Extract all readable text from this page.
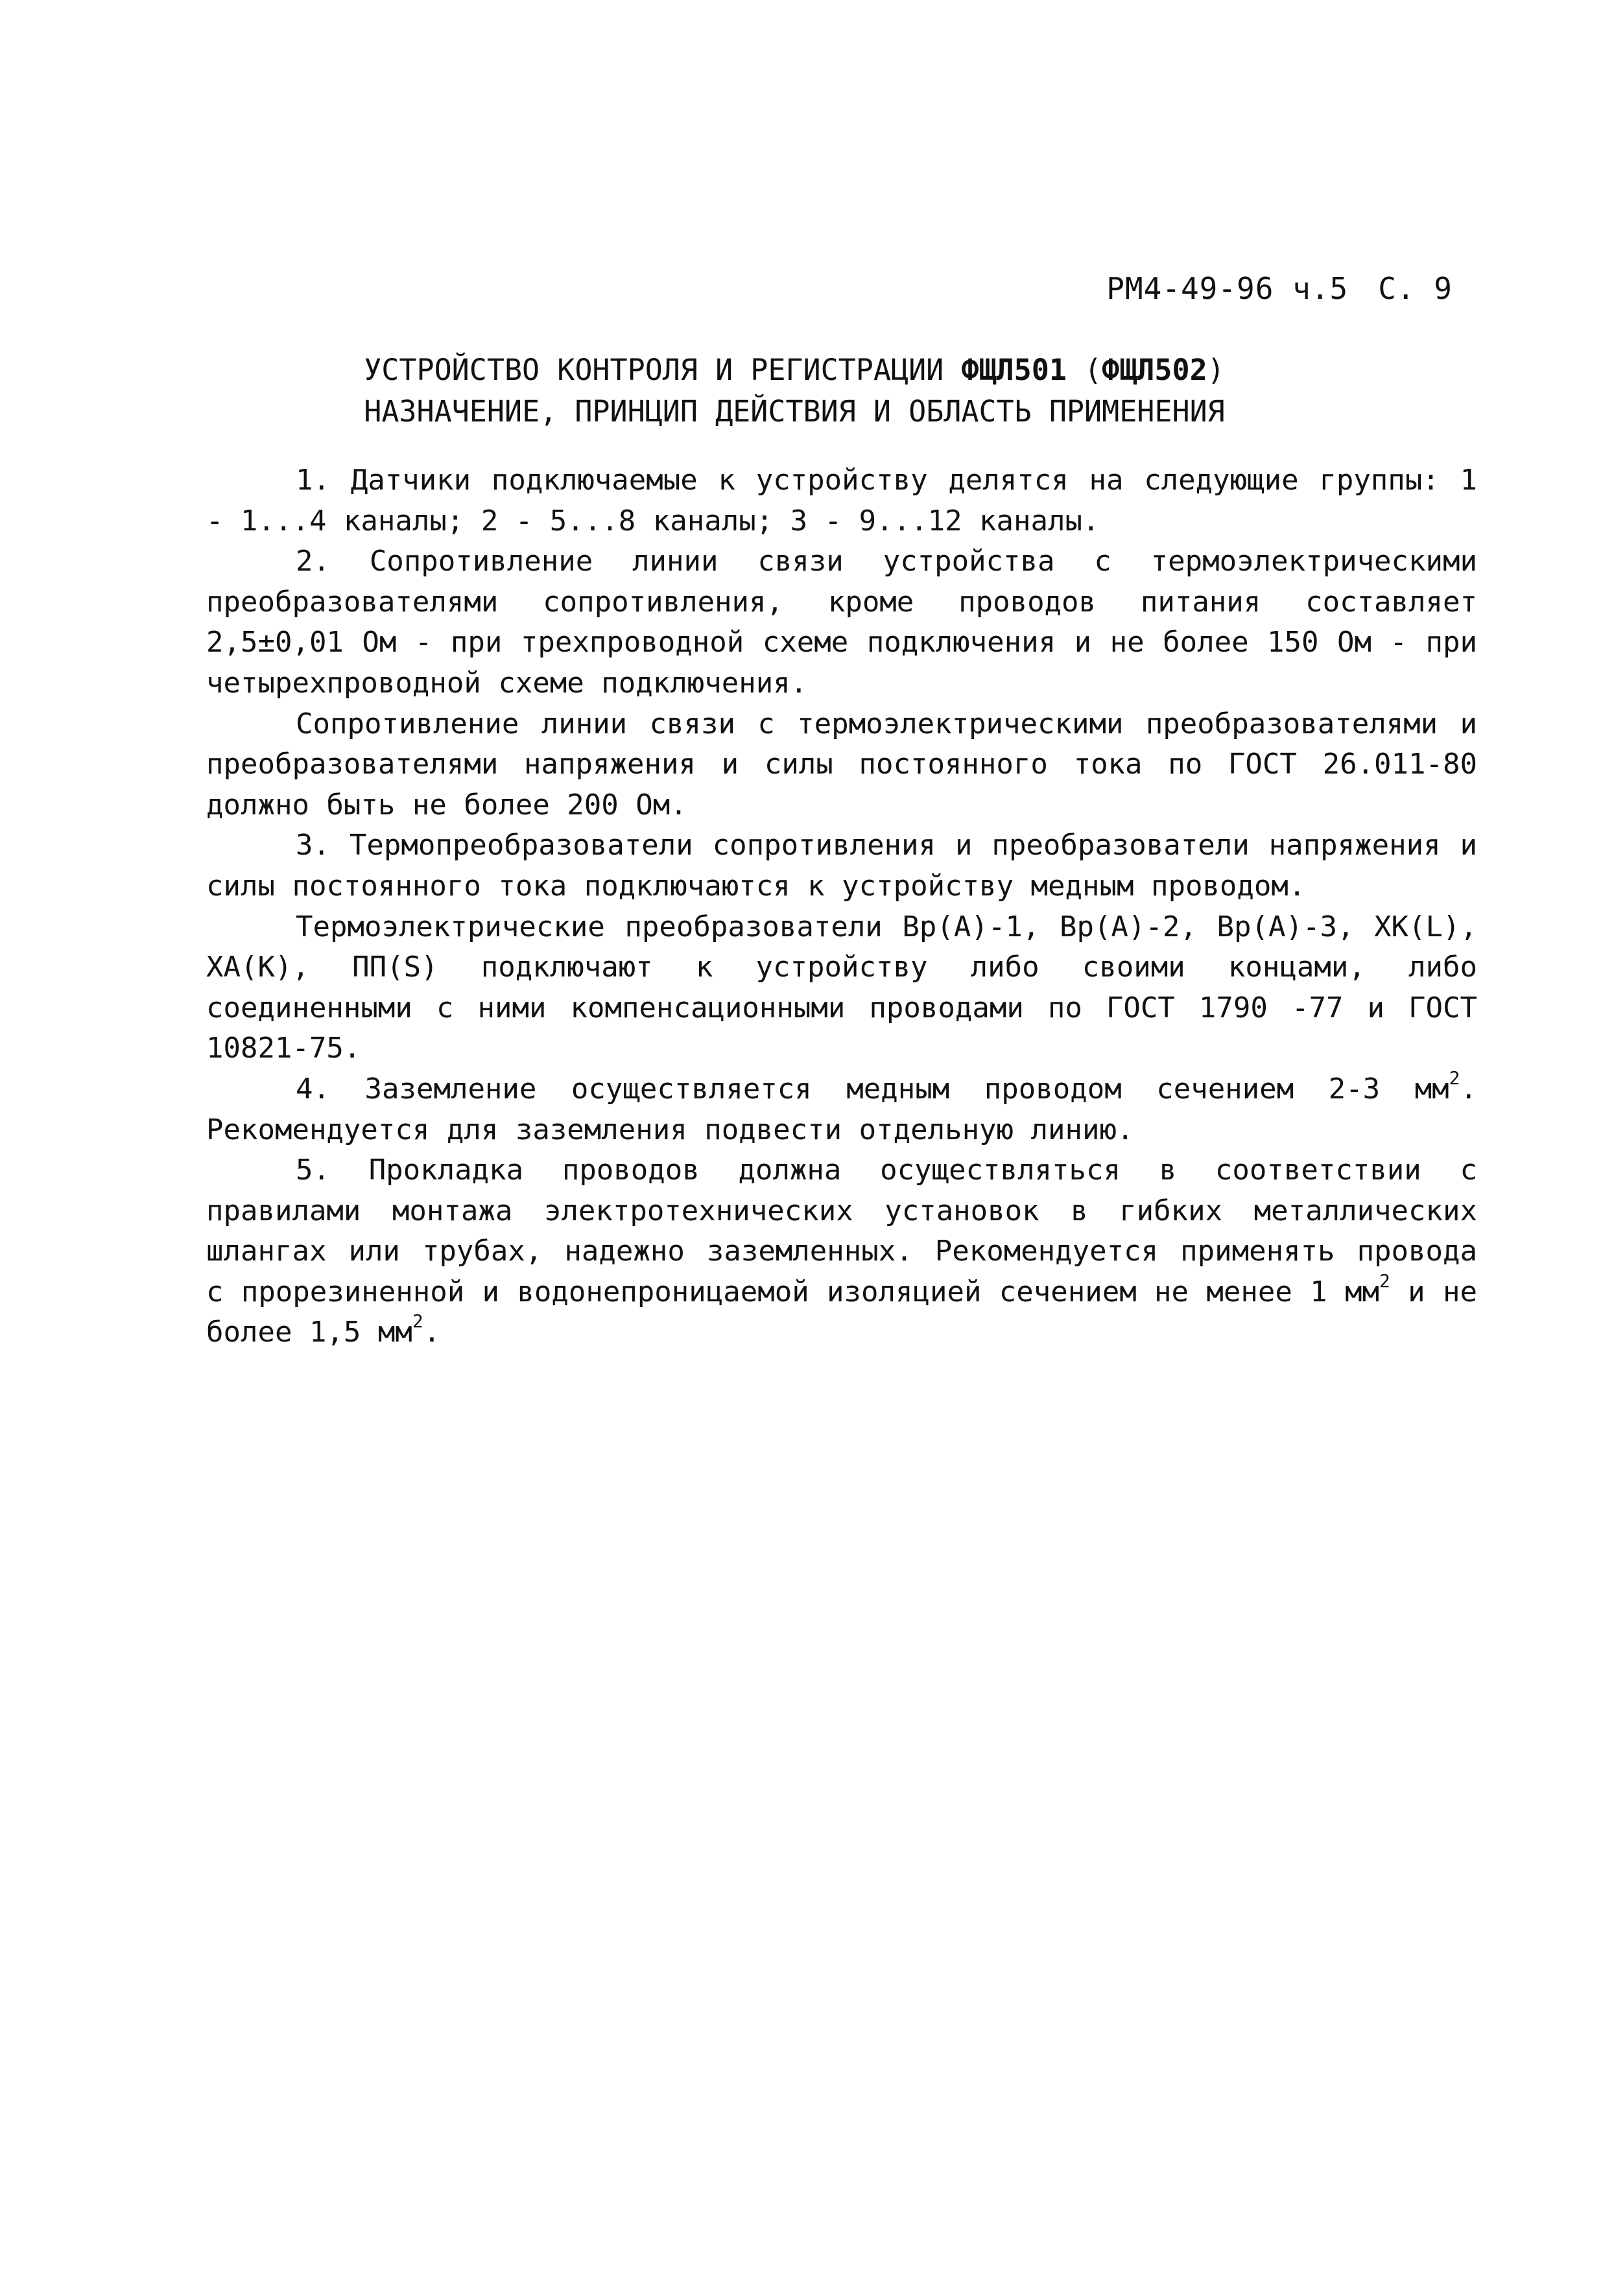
РМ4-49-96 ч.5 С. 9
УСТРОЙСТВО КОНТРОЛЯ И РЕГИСТРАЦИИ ФЩЛ501 (ФЩЛ502)
НАЗНАЧЕНИЕ, ПРИНЦИП ДЕЙСТВИЯ И ОБЛАСТЬ ПРИМЕНЕНИЯ

1. Датчики подключаемые к устройству делятся на следующие группы: 1 - 1...4 каналы; 2 - 5...8 каналы; 3 - 9...12 каналы.

2. Сопротивление линии связи устройства с термоэлектрическими преобразователями сопротивления, кроме проводов питания составляет 2,5±0,01 Ом - при трехпроводной схеме подключения и не более 150 Ом - при четырехпроводной схеме подключения.

Сопротивление линии связи с термоэлектрическими преобразователями и преобразователями напряжения и силы постоянного тока по ГОСТ 26.011-80 должно быть не более 200 Ом.

3. Термопреобразователи сопротивления и преобразователи напряжения и силы постоянного тока подключаются к устройству медным проводом.

Термоэлектрические преобразователи Вр(А)-1, Вр(А)-2, Вр(А)-3, ХК(L), ХА(К), ПП(S) подключают к устройству либо своими концами, либо соединенными с ними компенсационными проводами по ГОСТ 1790 -77 и ГОСТ 10821-75.

4. Заземление осуществляется медным проводом сечением 2-3 $мм^2$. Рекомендуется для заземления подвести отдельную линию.

5. Прокладка проводов должна осуществляться в соответствии с правилами монтажа электротехнических установок в гибких металлических шлангах или трубах, надежно заземленных. Рекомендуется применять провода с прорезиненной и водонепроницаемой изоляцией сечением не менее 1 $мм^2$ и не более 1,5 $мм^2$.
